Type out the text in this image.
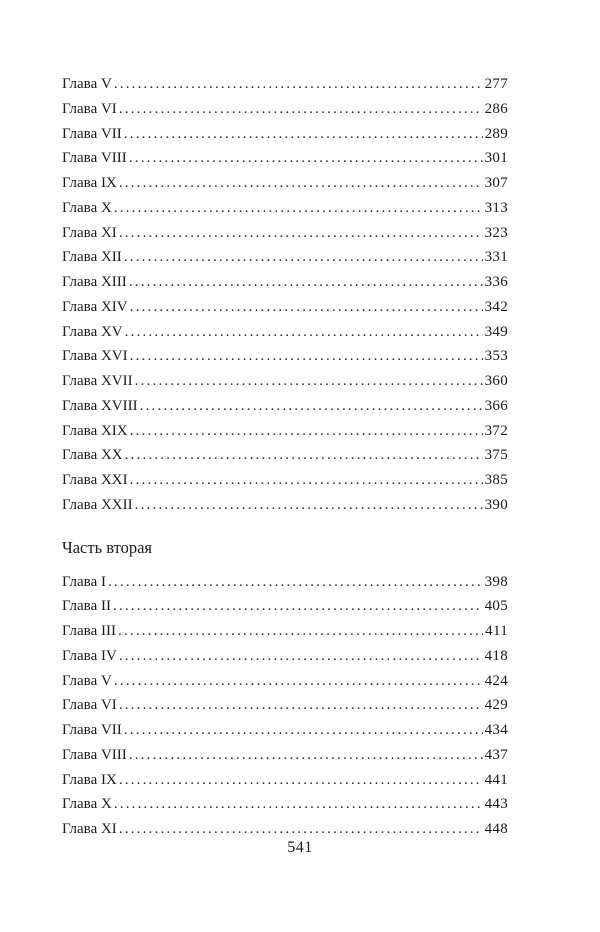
Глава V .....	277
Глава VI .....	286
Глава VII .....	289
Глава VIII .....	301
Глава IX .....	307
Глава X .....	313
Глава XI .....	323
Глава XII .....	331
Глава XIII .....	336
Глава XIV .....	342
Глава XV .....	349
Глава XVI .....	353
Глава XVII .....	360
Глава XVIII .....	366
Глава XIX .....	372
Глава XX .....	375
Глава XXI .....	385
Глава XXII .....	390
Часть вторая
Глава I .....	398
Глава II .....	405
Глава III .....	411
Глава IV .....	418
Глава V .....	424
Глава VI .....	429
Глава VII .....	434
Глава VIII .....	437
Глава IX .....	441
Глава X .....	443
Глава XI .....	448
541
